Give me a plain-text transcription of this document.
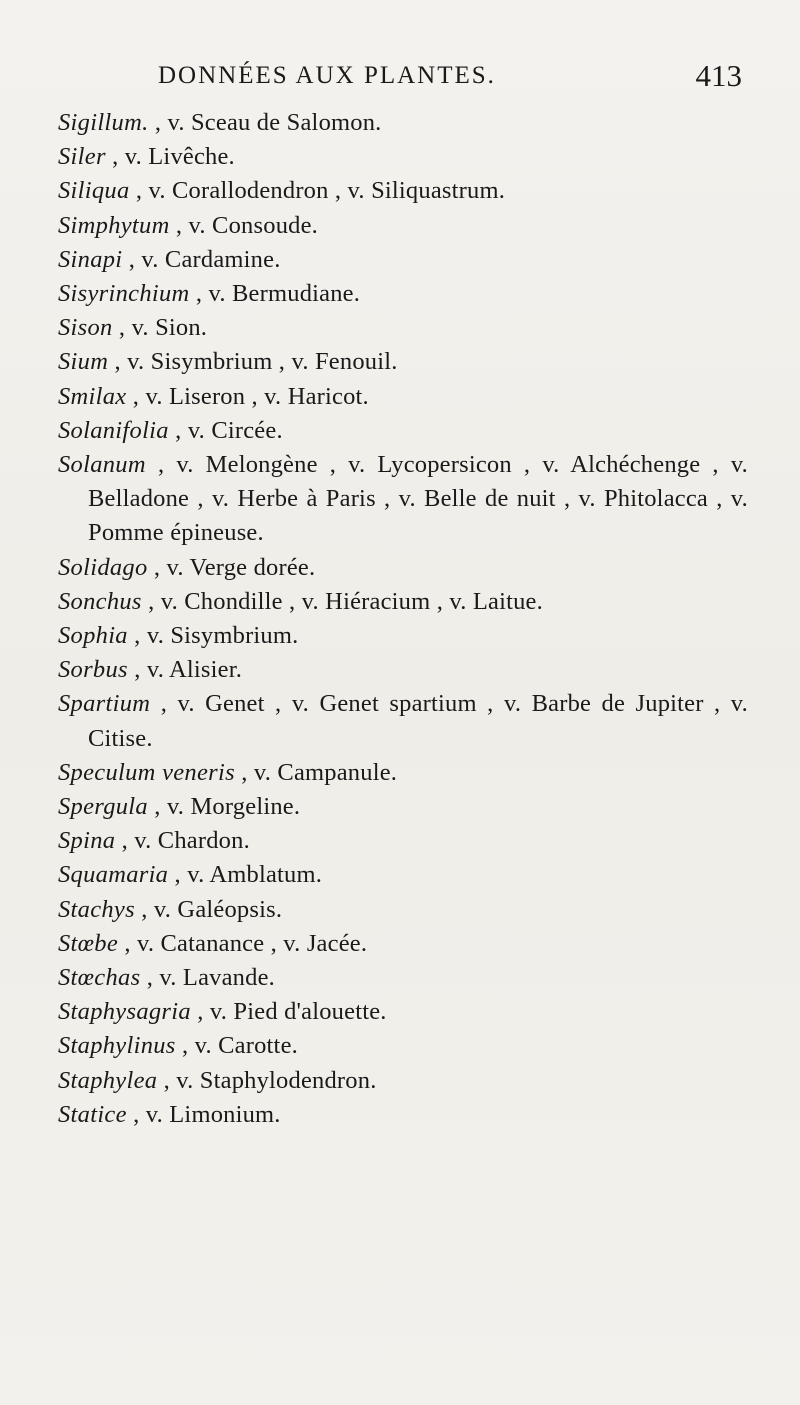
DONNÉES AUX PLANTES.	413

Sigillum. , v. Sceau de Salomon.

Siler , v. Livêche.

Siliqua , v. Corallodendron , v. Siliquastrum.

Simphytum , v. Consoude.

Sinapi , v. Cardamine.

Sisyrinchium , v. Bermudiane.

Sison , v. Sion.

Sium , v. Sisymbrium , v. Fenouil.

Smilax , v. Liseron , v. Haricot.

Solanifolia , v. Circée.

Solanum , v. Melongène , v. Lycopersicon , v. Alchéchenge , v. Belladone , v. Herbe à Paris , v. Belle de nuit , v. Phitolacca , v. Pomme épineuse.

Solidago , v. Verge dorée.

Sonchus , v. Chondille , v. Hiéracium , v. Laitue.

Sophia , v. Sisymbrium.

Sorbus , v. Alisier.

Spartium , v. Genet , v. Genet spartium , v. Barbe de Jupiter , v. Citise.

Speculum veneris , v. Campanule.

Spergula , v. Morgeline.

Spina , v. Chardon.

Squamaria , v. Amblatum.

Stachys , v. Galéopsis.

Stœbe , v. Catanance , v. Jacée.

Stœchas , v. Lavande.

Staphysagria , v. Pied d'alouette.

Staphylinus , v. Carotte.

Staphylea , v. Staphylodendron.

Statice , v. Limonium.
